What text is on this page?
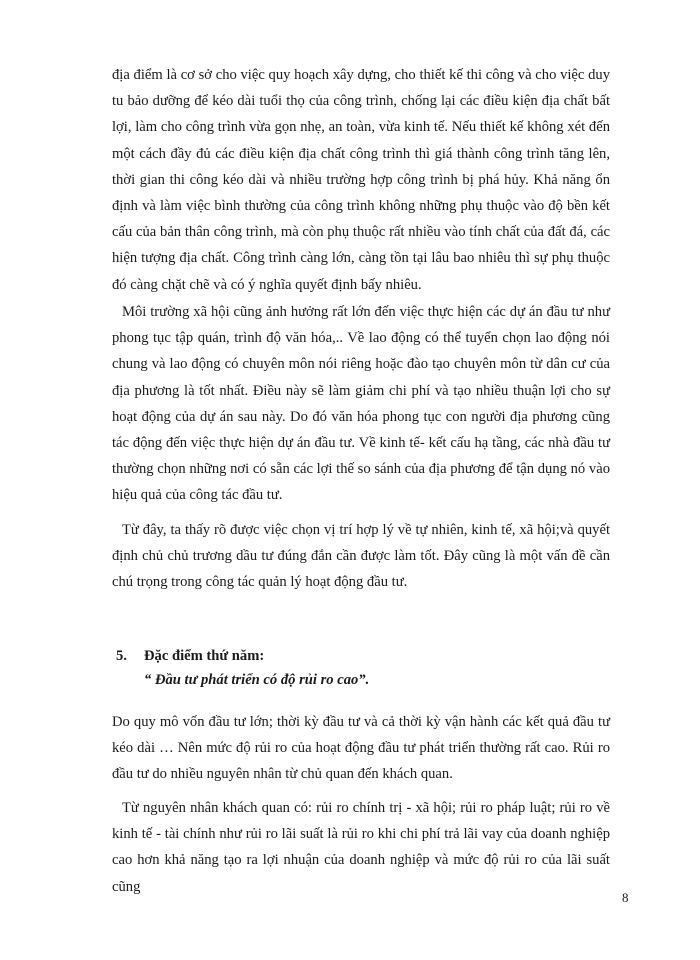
địa điểm là cơ sở cho việc quy hoạch xây dựng, cho thiết kế thi công và cho việc duy tu bảo dưỡng để kéo dài tuổi thọ của công trình, chống lại các điều kiện địa chất bất lợi, làm cho công trình vừa gọn nhẹ, an toàn, vừa kinh tế. Nếu thiết kế không xét đến một cách đầy đủ các điều kiện địa chất công trình thì giá thành công trình tăng lên, thời gian thi công kéo dài và nhiều trường hợp công trình bị phá hủy. Khả năng ổn định và làm việc bình thường của công trình không những phụ thuộc vào độ bền kết cấu của bản thân công trình, mà còn phụ thuộc rất nhiều vào tính chất của đất đá, các hiện tượng địa chất. Công trình càng lớn, càng tồn tại lâu bao nhiêu thì sự phụ thuộc đó càng chặt chẽ và có ý nghĩa quyết định bấy nhiêu.

Môi trường xã hội cũng ảnh hưởng rất lớn đến việc thực hiện các dự án đầu tư như phong tục tập quán, trình độ văn hóa,.. Về lao động có thể tuyển chọn lao động nói chung và lao động có chuyên môn nói riêng hoặc đào tạo chuyên môn từ dân cư của địa phương là tốt nhất. Điều này sẽ làm giảm chi phí và tạo nhiều thuận lợi cho sự hoạt động của dự án sau này. Do đó văn hóa phong tục con người địa phương cũng tác động đến việc thực hiện dự án đầu tư. Về kinh tế- kết cấu hạ tầng, các nhà đầu tư thường chọn những nơi có sẵn các lợi thế so sánh của địa phương để tận dụng nó vào hiệu quả của công tác đầu tư.

Từ đây, ta thấy rõ được việc chọn vị trí hợp lý về tự nhiên, kinh tế, xã hội;và quyết định chủ chủ trương dầu tư đúng đắn cần được làm tốt. Đây cũng là một vấn đề cần chú trọng trong công tác quản lý hoạt động đầu tư.

5. Đặc điểm thứ năm:

“ Đầu tư phát triển có độ rủi ro cao”.

Do quy mô vốn đầu tư lớn; thời kỳ đầu tư và cả thời kỳ vận hành các kết quả đầu tư kéo dài … Nên mức độ rủi ro của hoạt động đầu tư phát triển thường rất cao. Rủi ro đầu tư do nhiều nguyên nhân từ chủ quan đến khách quan.

Từ nguyên nhân khách quan có: rủi ro chính trị - xã hội; rủi ro pháp luật; rủi ro về kinh tế - tài chính như rủi ro lãi suất là rủi ro khi chi phí trả lãi vay của doanh nghiệp cao hơn khả năng tạo ra lợi nhuận của doanh nghiệp và mức độ rủi ro của lãi suất cũng

8
